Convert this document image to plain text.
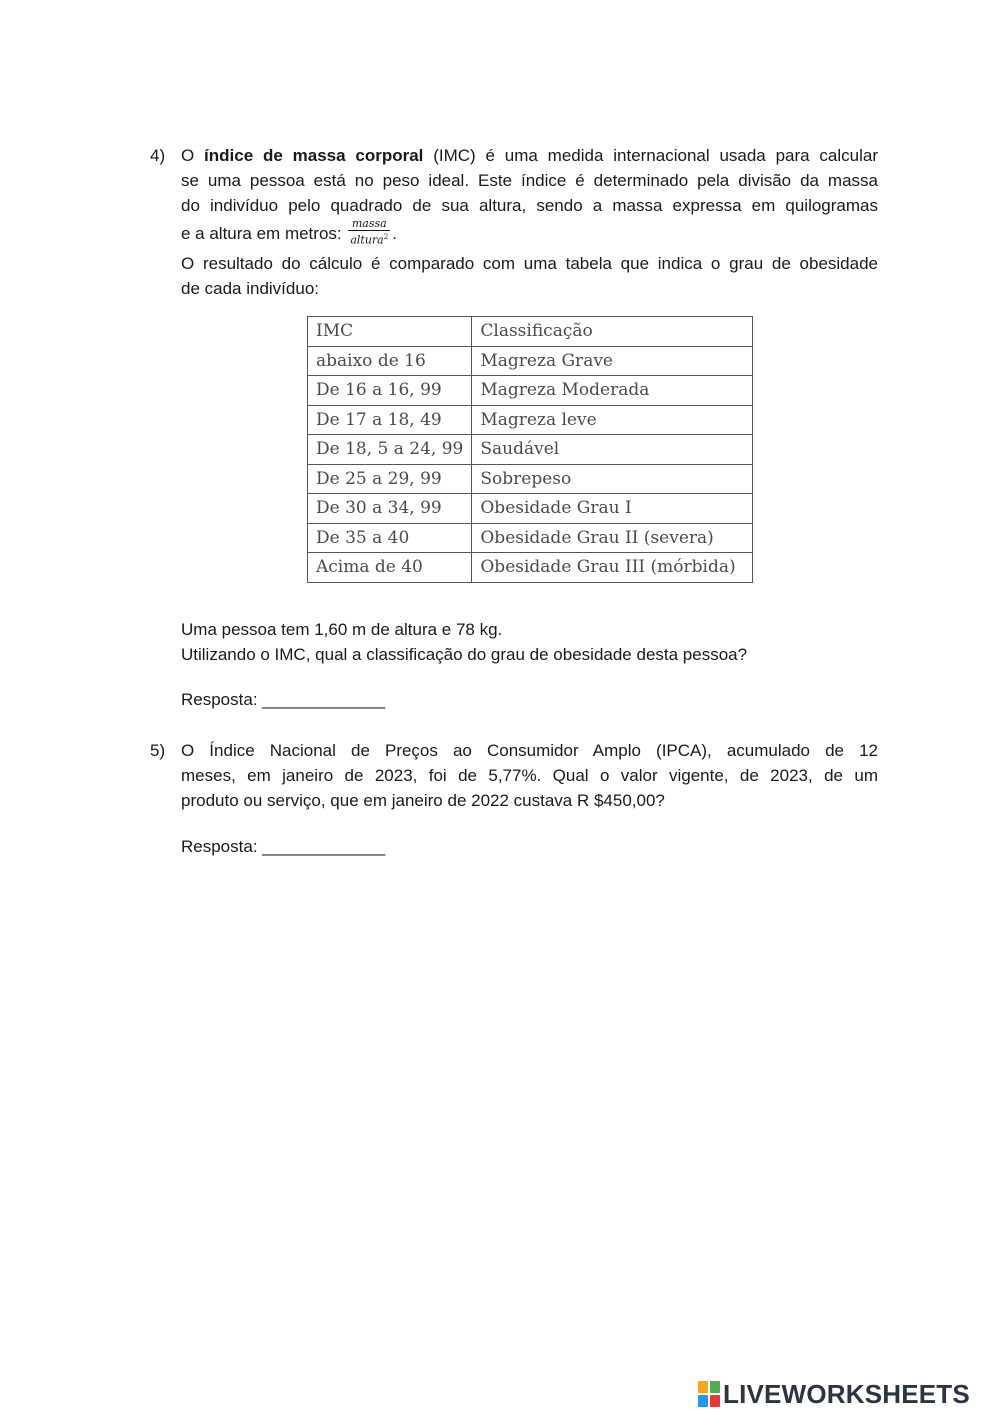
4) O índice de massa corporal (IMC) é uma medida internacional usada para calcular

se uma pessoa está no peso ideal. Este índice é determinado pela divisão da massa

do indivíduo pelo quadrado de sua altura, sendo a massa expressa em quilogramas

e a altura em metros: $\frac{\text{massa}}{altura^2}$ .

O resultado do cálculo é comparado com uma tabela que indica o grau de obesidade

de cada indivíduo:

IMC	Classificação
abaixo de 16	Magreza Grave
De 16 a 16, 99	Magreza Moderada
De 17 a 18, 49	Magreza leve
De 18, 5 a 24, 99	Saudável
De 25 a 29, 99	Sobrepeso
De 30 a 34, 99	Obesidade Grau I
De 35 a 40	Obesidade Grau II (severa)
Acima de 40	Obesidade Grau III (mórbida)
Uma pessoa tem 1,60 m de altura e 78 kg.
Utilizando o IMC, qual a classificação do grau de obesidade desta pessoa?
Resposta: _____________
5) O Índice Nacional de Preços ao Consumidor Amplo (IPCA), acumulado de 12

meses, em janeiro de 2023, foi de 5,77%. Qual o valor vigente, de 2023, de um

produto ou serviço, que em janeiro de 2022 custava R $450,00?

Resposta: _____________
LIVEWORKSHEETS
